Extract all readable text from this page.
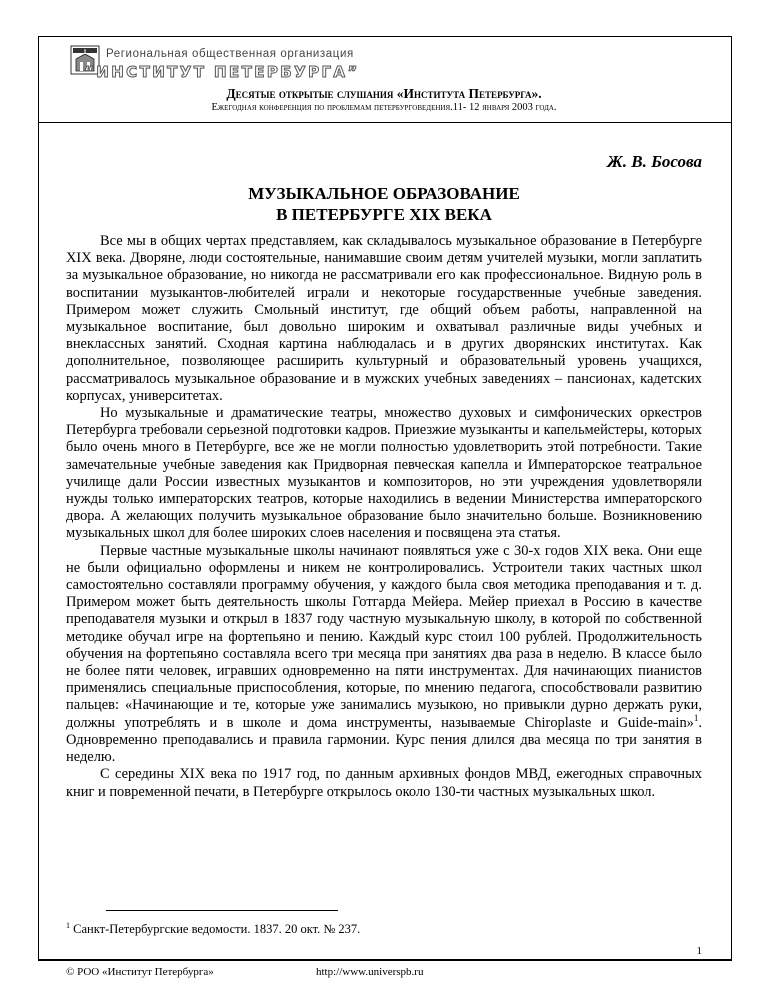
Региональная общественная организация
“ИНСТИТУТ ПЕТЕРБУРГА”
Десятые открытые слушания «Института Петербурга».
Ежегодная конференция по проблемам петербурговедения.11- 12 января 2003 года.
Ж. В. Босова
МУЗЫКАЛЬНОЕ ОБРАЗОВАНИЕ
В ПЕТЕРБУРГЕ XIX ВЕКА

Все мы в общих чертах представляем, как складывалось музыкальное образование в Петербурге XIX века. Дворяне, люди состоятельные, нанимавшие своим детям учителей музыки, могли заплатить за музыкальное образование, но никогда не рассматривали его как профессиональное. Видную роль в воспитании музыкантов-любителей играли и некоторые государственные учебные заведения. Примером может служить Смольный институт, где общий объем работы, направленной на музыкальное воспитание, был довольно широким и охватывал различные виды учебных и внеклассных занятий. Сходная картина наблюдалась и в других дворянских институтах. Как дополнительное, позволяющее расширить культурный и образовательный уровень учащихся, рассматривалось музыкальное образование и в мужских учебных заведениях – пансионах, кадетских корпусах, университетах.

Но музыкальные и драматические театры, множество духовых и симфонических оркестров Петербурга требовали серьезной подготовки кадров. Приезжие музыканты и капельмейстеры, которых было очень много в Петербурге, все же не могли полностью удовлетворить этой потребности. Такие замечательные учебные заведения как Придворная певческая капелла и Императорское театральное училище дали России известных музыкантов и композиторов, но эти учреждения удовлетворяли нужды только императорских театров, которые находились в ведении Министерства императорского двора. А желающих получить музыкальное образование было значительно больше. Возникновению музыкальных школ для более широких слоев населения и посвящена эта статья.

Первые частные музыкальные школы начинают появляться уже с 30-х годов XIX века. Они еще не были официально оформлены и никем не контролировались. Устроители таких частных школ самостоятельно составляли программу обучения, у каждого была своя методика преподавания и т. д. Примером может быть деятельность школы Готгарда Мейера. Мейер приехал в Россию в качестве преподавателя музыки и открыл в 1837 году частную музыкальную школу, в которой по собственной методике обучал игре на фортепьяно и пению. Каждый курс стоил 100 рублей. Продолжительность обучения на фортепьяно составляла всего три месяца при занятиях два раза в неделю. В классе было не более пяти человек, игравших одновременно на пяти инструментах. Для начинающих пианистов применялись специальные приспособления, которые, по мнению педагога, способствовали развитию пальцев: «Начинающие и те, которые уже занимались музыкою, но привыкли дурно держать руки, должны употреблять и в школе и дома инструменты, называемые Chiroplaste и Guide-main»$^1$. Одновременно преподавались и правила гармонии. Курс пения длился два месяца по три занятия в неделю.

С середины XIX века по 1917 год, по данным архивных фондов МВД, ежегодных справочных книг и повременной печати, в Петербурге открылось около 130-ти частных музыкальных школ.

$^1$ Санкт-Петербургские ведомости. 1837. 20 окт. № 237.
1
© РОО «Институт Петербурга»	http://www.universpb.ru
